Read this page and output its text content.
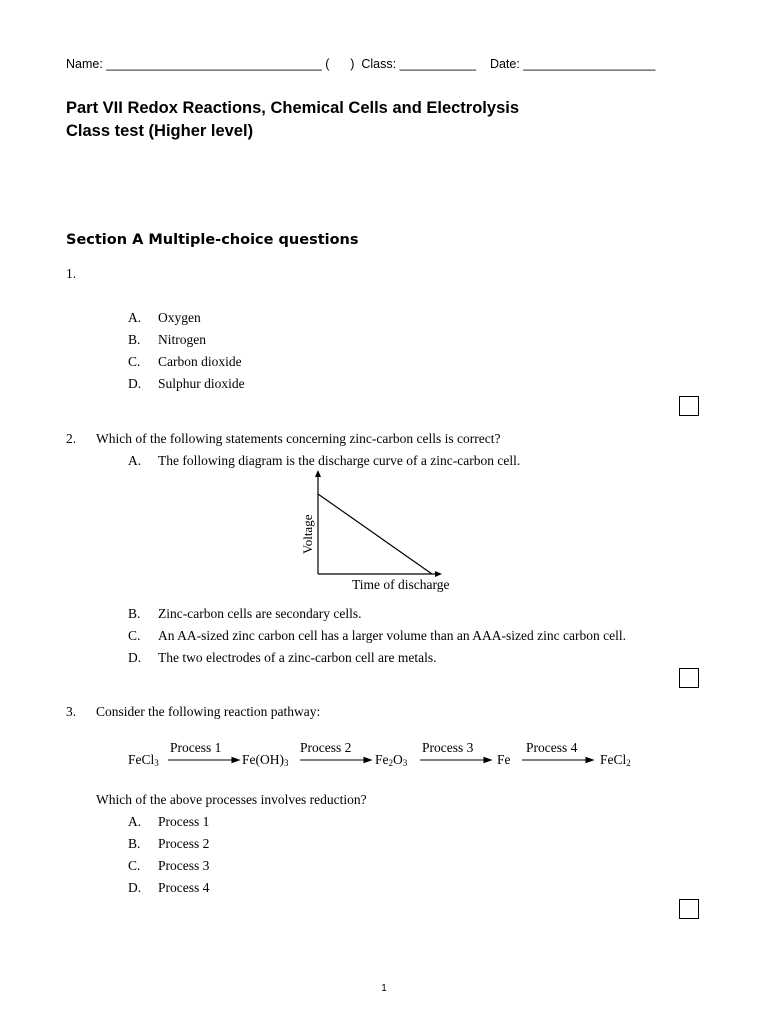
Name: _______________________________ (      )  Class: ___________    Date: ___________________
Part VII Redox Reactions, Chemical Cells and Electrolysis
Class test (Higher level)
Section A Multiple-choice questions
1.
A. Oxygen
B. Nitrogen
C. Carbon dioxide
D. Sulphur dioxide
2. Which of the following statements concerning zinc-carbon cells is correct?
A. The following diagram is the discharge curve of a zinc-carbon cell.
Voltage
Time of discharge
B. Zinc-carbon cells are secondary cells.
C. An AA-sized zinc carbon cell has a larger volume than an AAA-sized zinc carbon cell.
D. The two electrodes of a zinc-carbon cell are metals.
3. Consider the following reaction pathway:
Process 1	Process 2	Process 3	Process 4
FeCl$_3$	$Fe(OH)_3$	$Fe_2O_3$	Fe	FeCl$_2$
Which of the above processes involves reduction?
A. Process 1
B. Process 2
C. Process 3
D. Process 4
1
